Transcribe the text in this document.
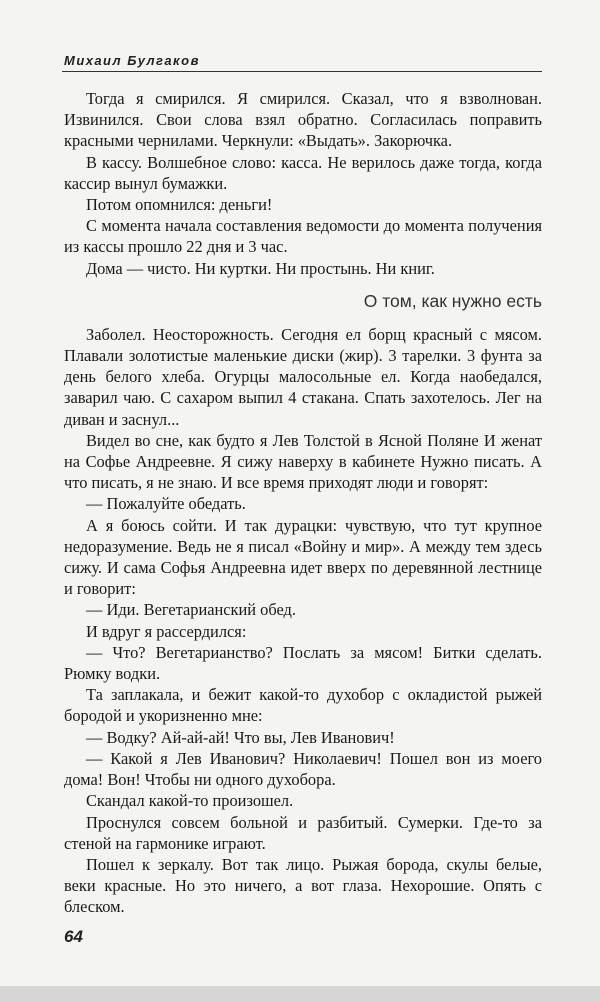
Михаил Булгаков

Тогда я смирился. Я смирился. Сказал, что я взволнован. Извинился. Свои слова взял обратно. Согласилась поправить красными чернилами. Черкнули: «Выдать». Закорючка.

В кассу. Волшебное слово: касса. Не верилось даже тогда, когда кассир вынул бумажки.

Потом опомнился: деньги!

С момента начала составления ведомости до момента получения из кассы прошло 22 дня и 3 час.

Дома — чисто. Ни куртки. Ни простынь. Ни книг.

О том, как нужно есть

Заболел. Неосторожность. Сегодня ел борщ красный с мясом. Плавали золотистые маленькие диски (жир). 3 тарелки. 3 фунта за день белого хлеба. Огурцы малосольные ел. Когда наобедался, заварил чаю. С сахаром выпил 4 стакана. Спать захотелось. Лег на диван и заснул...

Видел во сне, как будто я Лев Толстой в Ясной Поляне И женат на Софье Андреевне. Я сижу наверху в кабинете Нужно писать. А что писать, я не знаю. И все время приходят люди и говорят:

— Пожалуйте обедать.

А я боюсь сойти. И так дурацки: чувствую, что тут крупное недоразумение. Ведь не я писал «Войну и мир». А между тем здесь сижу. И сама Софья Андреевна идет вверх по деревянной лестнице и говорит:

— Иди. Вегетарианский обед.

И вдруг я рассердился:

— Что? Вегетарианство? Послать за мясом! Битки сделать. Рюмку водки.

Та заплакала, и бежит какой-то духобор с окладистой рыжей бородой и укоризненно мне:

— Водку? Ай-ай-ай! Что вы, Лев Иванович!

— Какой я Лев Иванович? Николаевич! Пошел вон из моего дома! Вон! Чтобы ни одного духобора.

Скандал какой-то произошел.

Проснулся совсем больной и разбитый. Сумерки. Где-то за стеной на гармонике играют.

Пошел к зеркалу. Вот так лицо. Рыжая борода, скулы белые, веки красные. Но это ничего, а вот глаза. Нехорошие. Опять с блеском.

64
